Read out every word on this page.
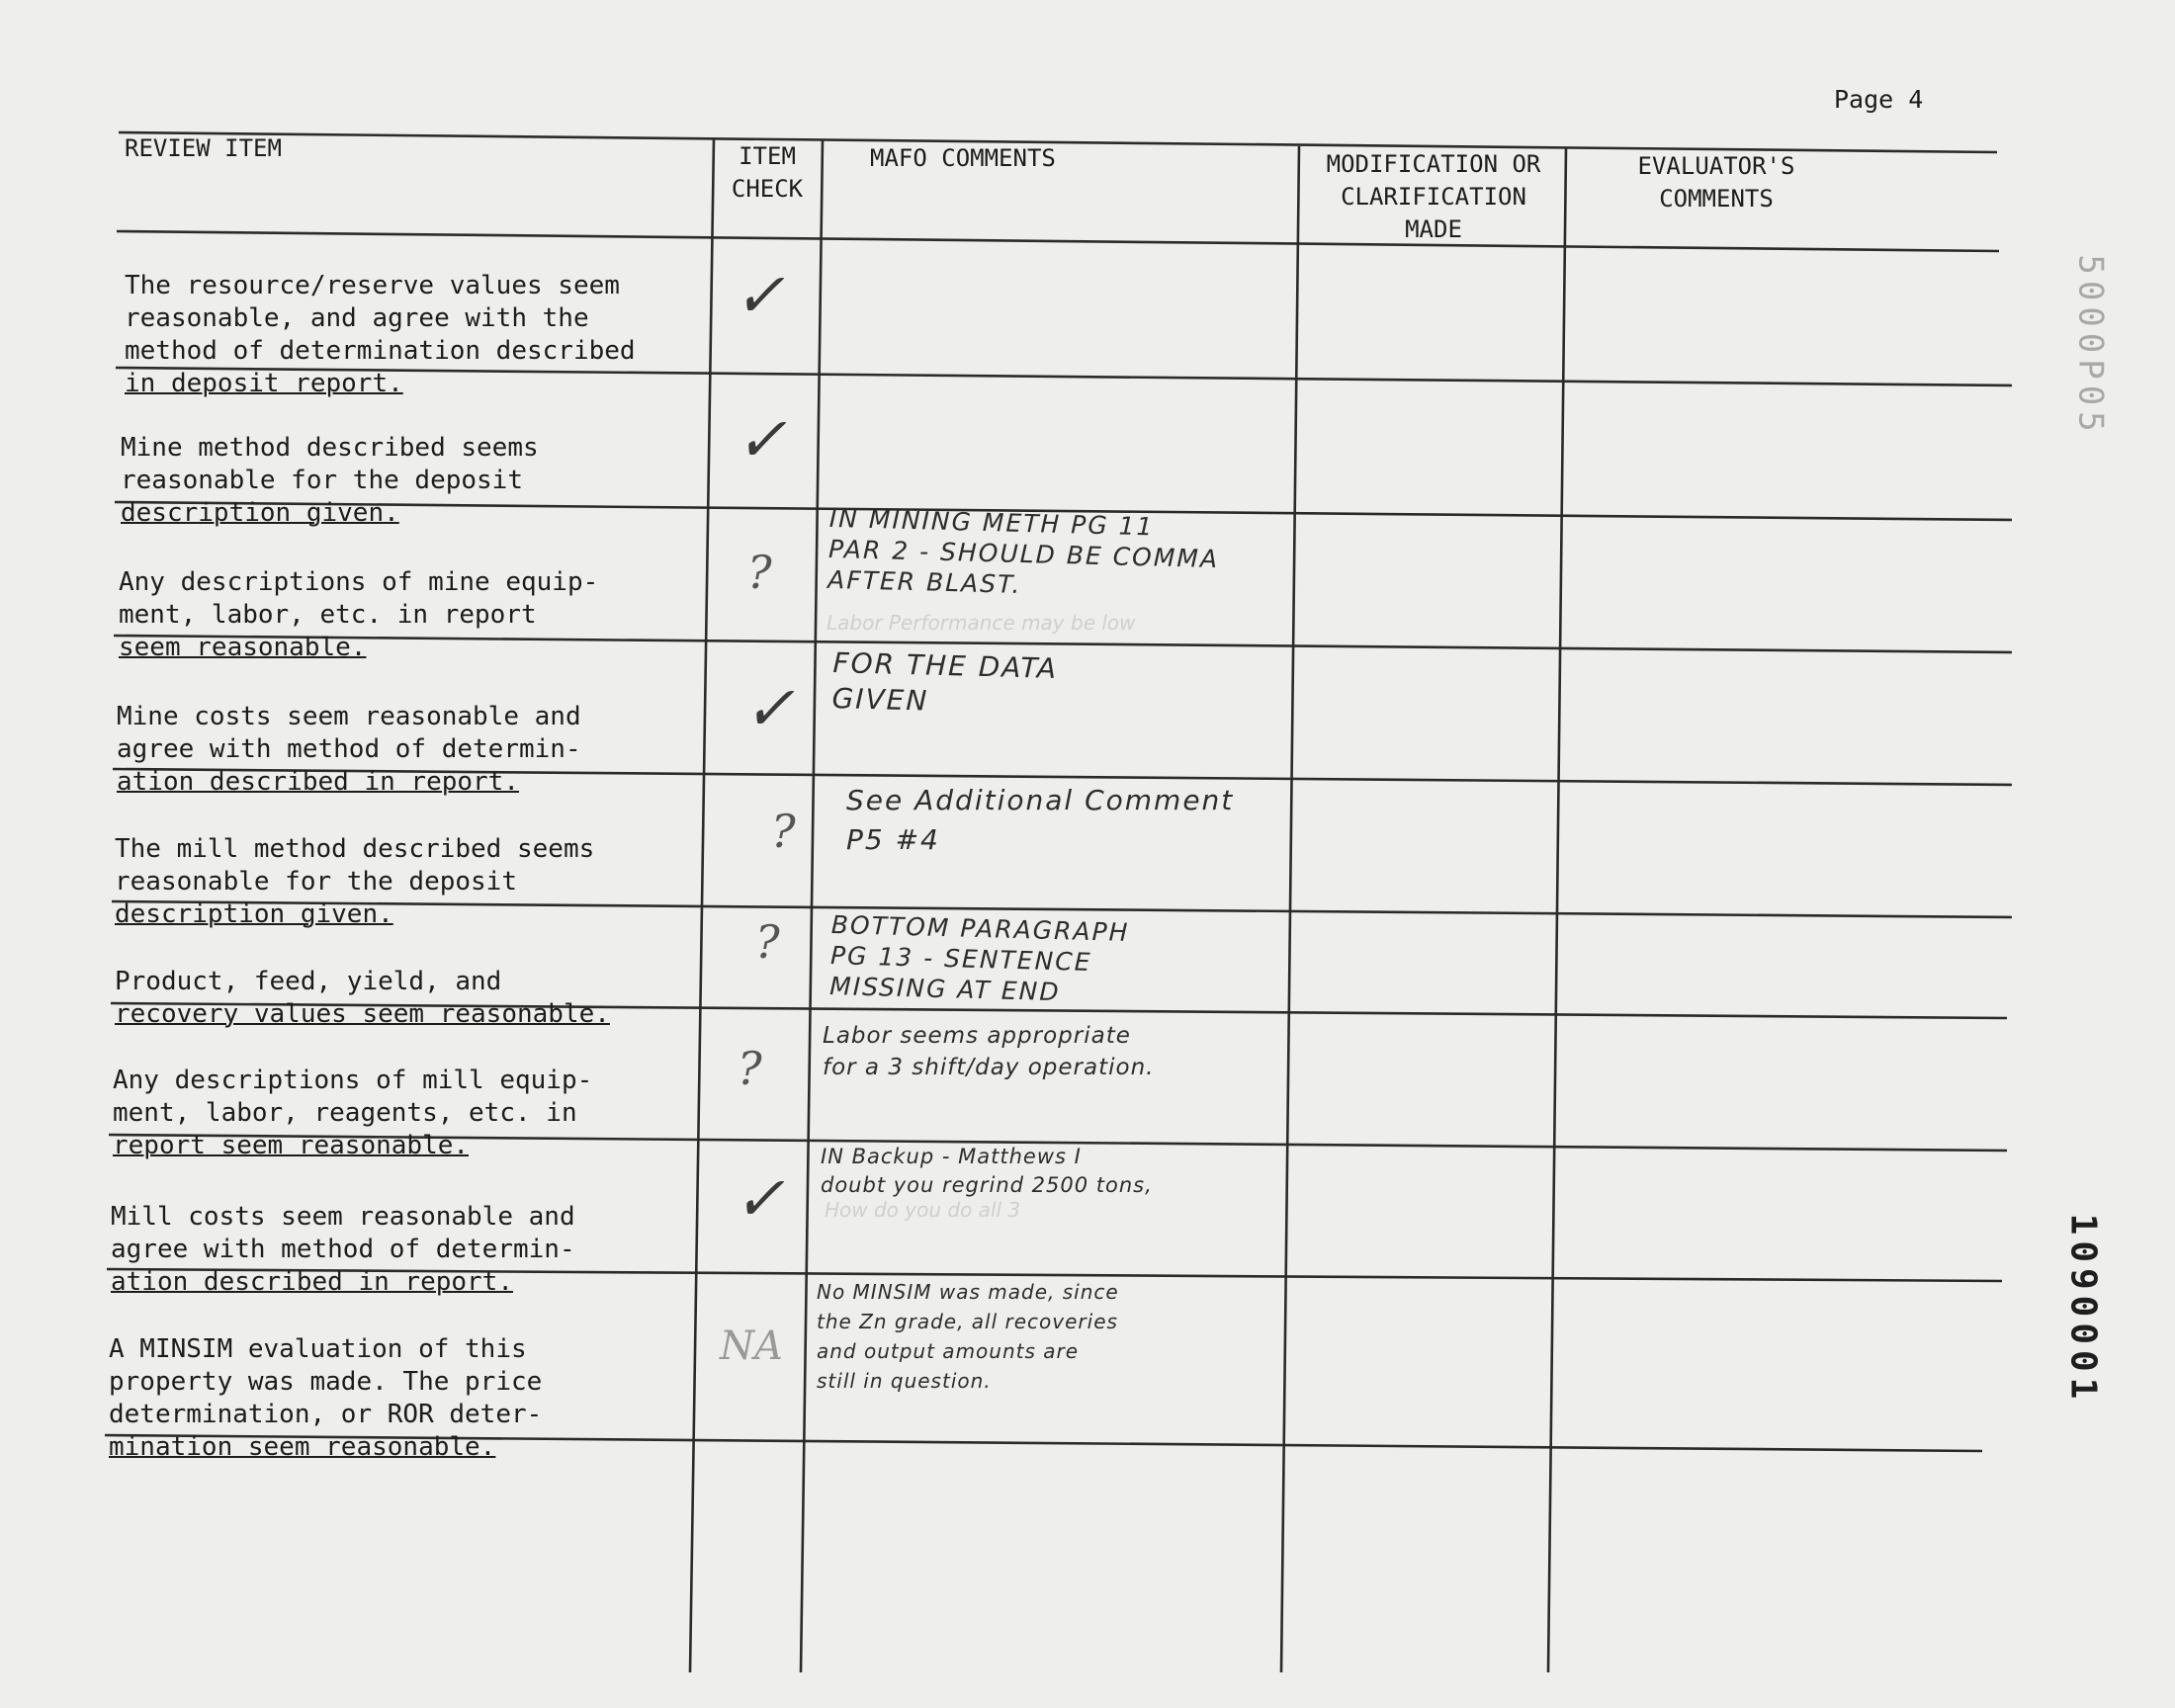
Page 4
REVIEW ITEM	ITEM
CHECK
MAFO COMMENTS	MODIFICATION OR
CLARIFICATION
MADE
EVALUATOR'S
COMMENTS

The resource/reserve values seem
reasonable, and agree with the
method of determination described
in deposit report.

Mine method described seems
reasonable for the deposit
description given.

Any descriptions of mine equip-
ment, labor, etc. in report
seem reasonable.

Mine costs seem reasonable and
agree with method of determin-
ation described in report.

The mill method described seems
reasonable for the deposit
description given.

Product, feed, yield, and
recovery values seem reasonable.

Any descriptions of mill equip-
ment, labor, reagents, etc. in
report seem reasonable.

Mill costs seem reasonable and
agree with method of determin-
ation described in report.

A MINSIM evaluation of this
property was made. The price
determination, or ROR deter-
mination seem reasonable.

✓
✓
?
✓
?
?
?
✓
NA
IN MINING METH PG 11
PAR 2 - SHOULD BE COMMA
AFTER BLAST.
Labor Performance may be low
FOR THE DATA
GIVEN
See Additional Comment
P5 #4
BOTTOM PARAGRAPH
PG 13 - SENTENCE
MISSING AT END
Labor seems appropriate
for a 3 shift/day operation.
IN Backup - Matthews I
doubt you regrind 2500 tons,
How do you do all 3
No MINSIM was made, since
the Zn grade, all recoveries
and output amounts are
still in question.
5000P05
1090001
